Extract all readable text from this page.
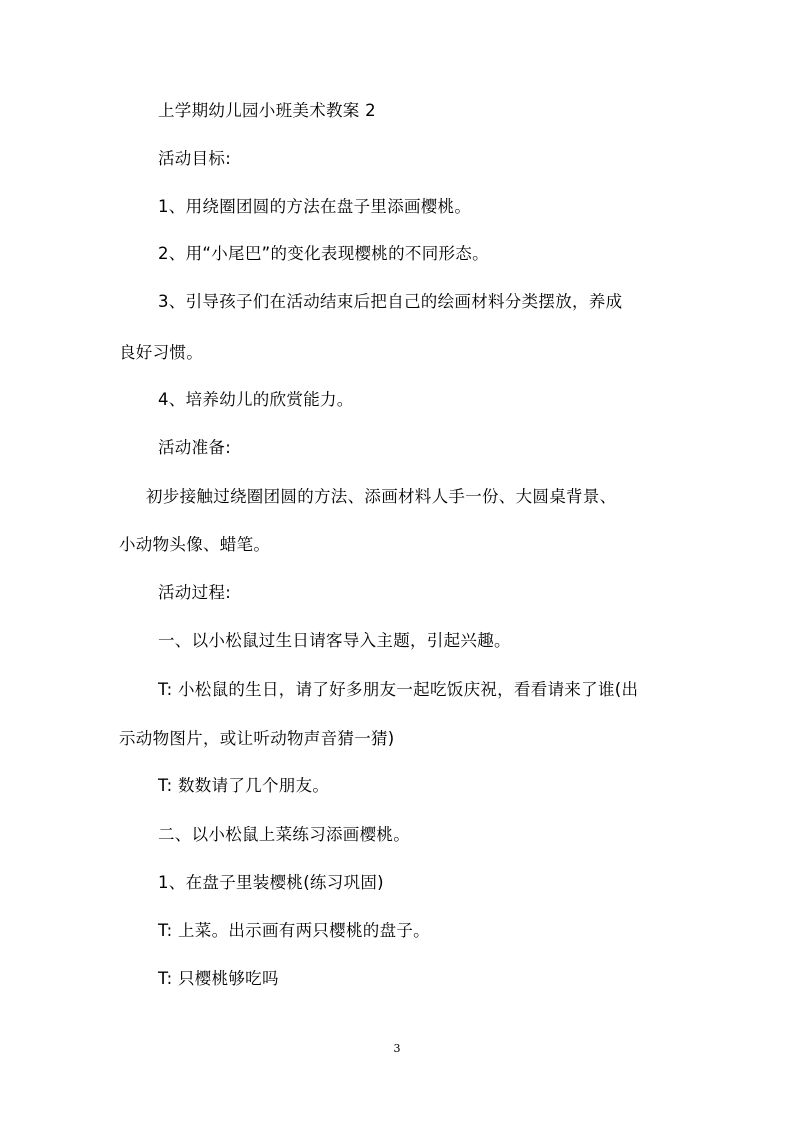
上学期幼儿园小班美术教案 2
活动目标:
1、用绕圈团圆的方法在盘子里添画樱桃。
2、用“小尾巴”的变化表现樱桃的不同形态。
3、引导孩子们在活动结束后把自己的绘画材料分类摆放，养成
良好习惯。
4、培养幼儿的欣赏能力。
活动准备:
初步接触过绕圈团圆的方法、添画材料人手一份、大圆桌背景、
小动物头像、蜡笔。
活动过程:
一、以小松鼠过生日请客导入主题，引起兴趣。
T: 小松鼠的生日，请了好多朋友一起吃饭庆祝，看看请来了谁(出
示动物图片，或让听动物声音猜一猜)
T: 数数请了几个朋友。
二、以小松鼠上菜练习添画樱桃。
1、在盘子里装樱桃(练习巩固)
T: 上菜。出示画有两只樱桃的盘子。
T: 只樱桃够吃吗
3
